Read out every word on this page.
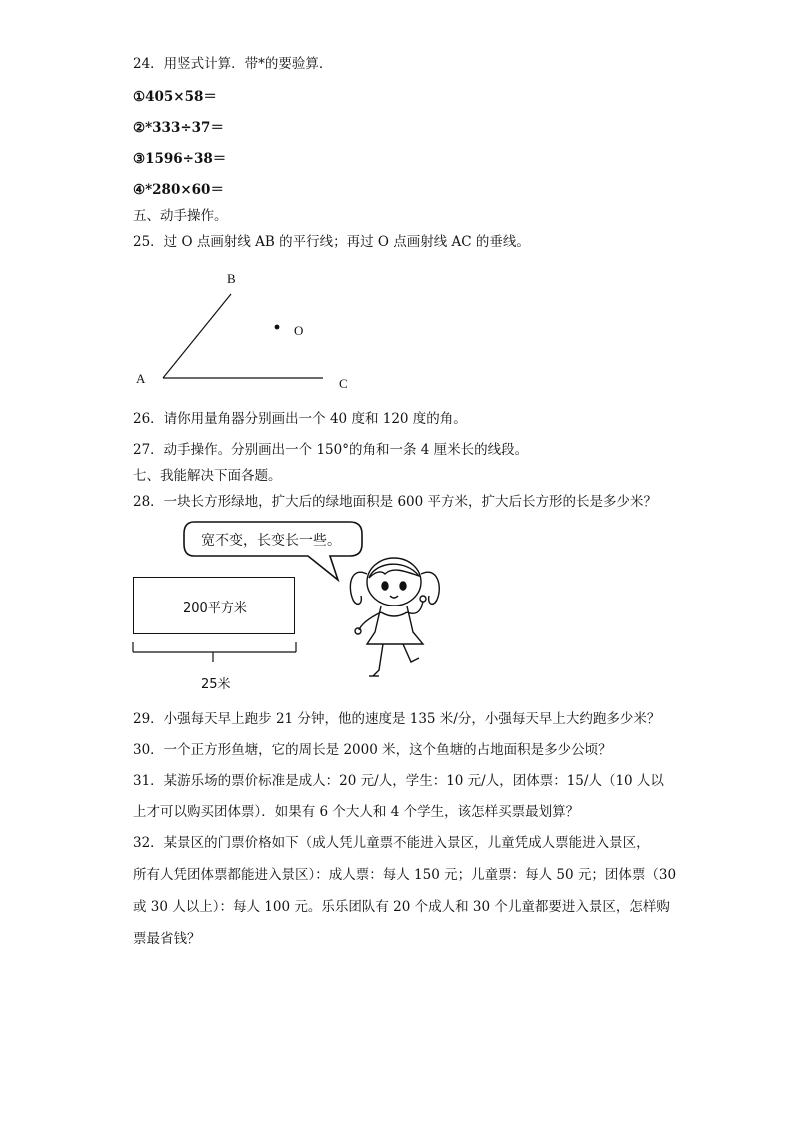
24．用竖式计算．带*的要验算．
①405×58＝
②*333÷37＝
③1596÷38＝
④*280×60＝
五、动手操作。
25．过 O 点画射线 AB 的平行线；再过 O 点画射线 AC 的垂线。
B
O
A	C
26．请你用量角器分别画出一个 40 度和 120 度的角。
27．动手操作。分别画出一个 150°的角和一条 4 厘米长的线段。
七、我能解决下面各题。
28．一块长方形绿地，扩大后的绿地面积是 600 平方米，扩大后长方形的长是多少米？
宽不变，长变长一些。
200平方米
25米
29．小强每天早上跑步 21 分钟，他的速度是 135 米/分，小强每天早上大约跑多少米？
30．一个正方形鱼塘，它的周长是 2000 米，这个鱼塘的占地面积是多少公顷？
31．某游乐场的票价标准是成人：20 元/人，学生：10 元/人，团体票：15/人（10 人以
上才可以购买团体票）．如果有 6 个大人和 4 个学生，该怎样买票最划算？
32．某景区的门票价格如下（成人凭儿童票不能进入景区，儿童凭成人票能进入景区，
所有人凭团体票都能进入景区）：成人票：每人 150 元；儿童票：每人 50 元；团体票（30
或 30 人以上）：每人 100 元。乐乐团队有 20 个成人和 30 个儿童都要进入景区，怎样购
票最省钱？
